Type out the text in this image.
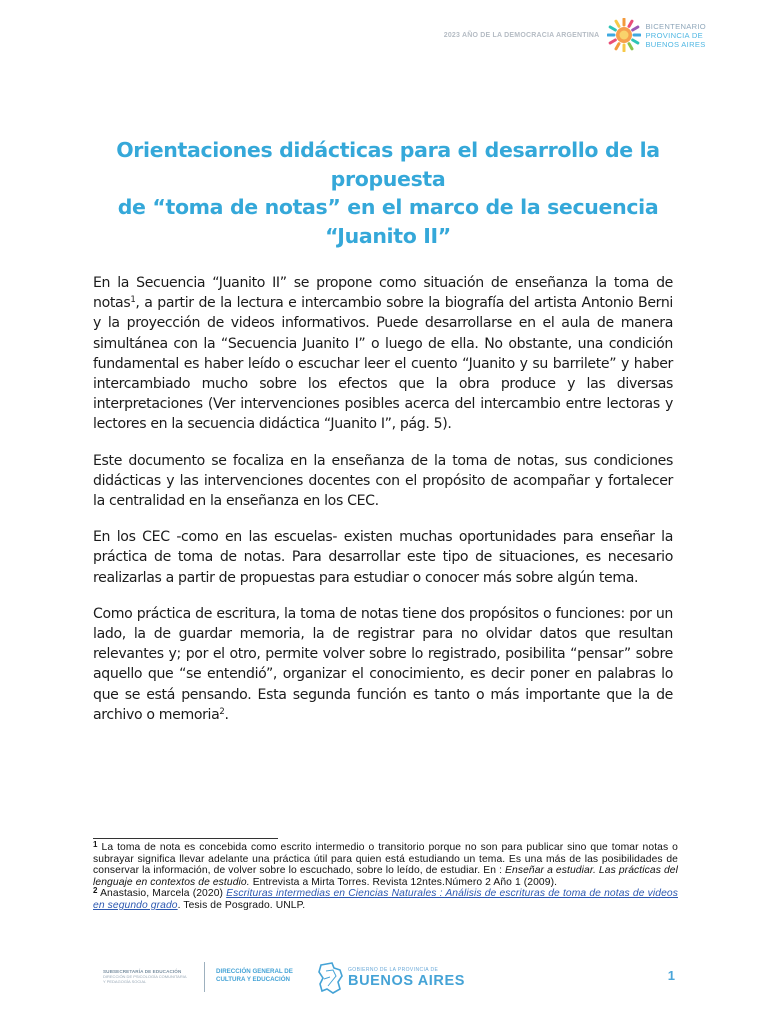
2023 AÑO DE LA DEMOCRACIA ARGENTINA
BICENTENARIO
PROVINCIA DE
BUENOS AIRES
Orientaciones didácticas para el desarrollo de la propuesta
de “toma de notas” en el marco de la secuencia “Juanito II”

En la Secuencia “Juanito II” se propone como situación de enseñanza la toma de notas$^1$, a partir de la lectura e intercambio sobre la biografía del artista Antonio Berni y la proyección de videos informativos. Puede desarrollarse en el aula de manera simultánea con la “Secuencia Juanito I” o luego de ella. No obstante, una condición fundamental es haber leído o escuchar leer el cuento “Juanito y su barrilete” y haber intercambiado mucho sobre los efectos que la obra produce y las diversas interpretaciones (Ver intervenciones posibles acerca del intercambio entre lectoras y lectores en la secuencia didáctica “Juanito I”, pág. 5).

Este documento se focaliza en la enseñanza de la toma de notas, sus condiciones didácticas y las intervenciones docentes con el propósito de acompañar y fortalecer la centralidad en la enseñanza en los CEC.

En los CEC -como en las escuelas- existen muchas oportunidades para enseñar la práctica de toma de notas. Para desarrollar este tipo de situaciones, es necesario realizarlas a partir de propuestas para estudiar o conocer más sobre algún tema.

Como práctica de escritura, la toma de notas tiene dos propósitos o funciones: por un lado, la de guardar memoria, la de registrar para no olvidar datos que resultan relevantes y; por el otro, permite volver sobre lo registrado, posibilita “pensar” sobre aquello que “se entendió”, organizar el conocimiento, es decir poner en palabras lo que se está pensando. Esta segunda función es tanto o más importante que la de archivo o memoria$^2$.

$^1$ La toma de nota es concebida como escrito intermedio o transitorio porque no son para publicar sino que tomar notas o subrayar significa llevar adelante una práctica útil para quien está estudiando un tema. Es una más de las posibilidades de conservar la información, de volver sobre lo escuchado, sobre lo leído, de estudiar. En : Enseñar a estudiar. Las prácticas del lenguaje en contextos de estudio. Entrevista a Mirta Torres. Revista 12ntes.Número 2 Año 1 (2009).

$^2$ Anastasio, Marcela (2020) Escrituras intermedias en Ciencias Naturales : Análisis de escrituras de toma de notas de videos en segundo grado. Tesis de Posgrado. UNLP.

SUBSECRETARÍA DE EDUCACIÓN
DIRECCIÓN DE PSICOLOGÍA COMUNITARIA
Y PEDAGOGÍA SOCIAL
DIRECCIÓN GENERAL DE
CULTURA Y EDUCACIÓN
GOBIERNO DE LA PROVINCIA DE
BUENOS AIRES	1
